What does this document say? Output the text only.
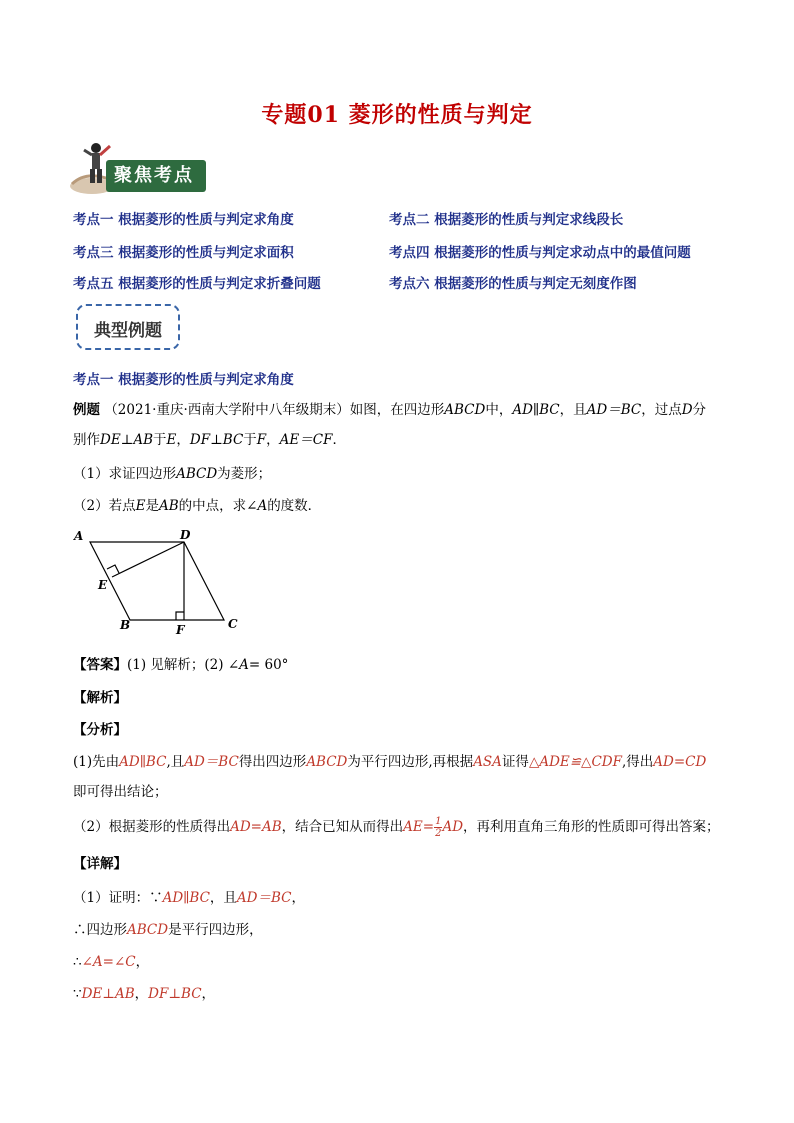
专题01 菱形的性质与判定
聚焦考点
考点一 根据菱形的性质与判定求角度	考点二 根据菱形的性质与判定求线段长
考点三 根据菱形的性质与判定求面积	考点四 根据菱形的性质与判定求动点中的最值问题
考点五 根据菱形的性质与判定求折叠问题	考点六 根据菱形的性质与判定无刻度作图
典型例题
考点一 根据菱形的性质与判定求角度
例题 （2021·重庆·西南大学附中八年级期末）如图，在四边形ABCD中，AD∥BC，且AD＝BC，过点D分
别作DE⊥AB于E，DF⊥BC于F，AE＝CF．
（1）求证四边形ABCD为菱形；
（2）若点E是AB的中点，求∠A的度数．
A	D
E
B	F	C
【答案】(1) 见解析；(2) ∠A= 60°
【解析】
【分析】
(1)先由AD∥BC,且AD＝BC得出四边形ABCD为平行四边形,再根据ASA证得△ADE≌△CDF,得出AD=CD
即可得出结论；
（2）根据菱形的性质得出AD=AB，结合已知从而得出$AE= \frac{1}{2}$ AD，再利用直角三角形的性质即可得出答案；
【详解】
（1）证明：∵AD∥BC，且AD＝BC，
∴四边形ABCD是平行四边形，
∴∠A=∠C，
∵DE⊥AB，DF⊥BC，
